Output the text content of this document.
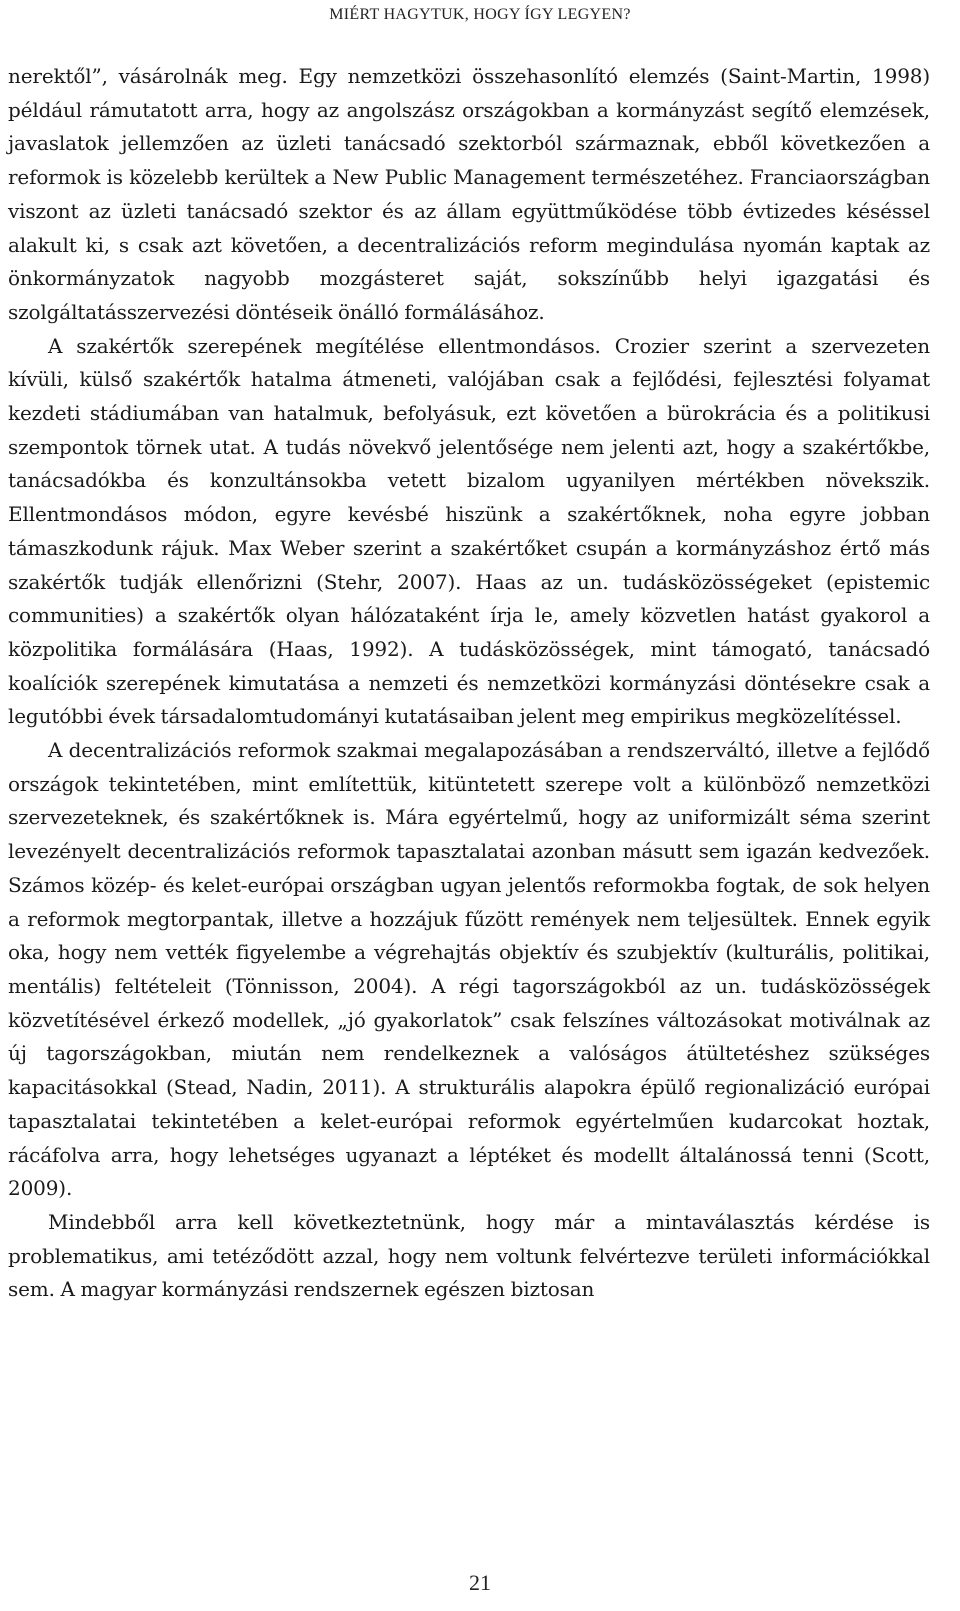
MIÉRT HAGYTUK, HOGY ÍGY LEGYEN?

nerektől”, vásárolnák meg. Egy nemzetközi összehasonlító elemzés (Saint-Martin, 1998) például rámutatott arra, hogy az angolszász országokban a kormányzást segítő elemzések, javaslatok jellemzően az üzleti tanácsadó szektorból származnak, ebből következően a reformok is közelebb kerültek a New Public Management természetéhez. Franciaországban viszont az üzleti tanácsadó szektor és az állam együttműködése több évtizedes késéssel alakult ki, s csak azt követően, a decentralizációs reform megindulása nyomán kaptak az önkormányzatok nagyobb mozgásteret saját, sokszínűbb helyi igazgatási és szolgáltatásszervezési döntéseik önálló formálásához.

A szakértők szerepének megítélése ellentmondásos. Crozier szerint a szervezeten kívüli, külső szakértők hatalma átmeneti, valójában csak a fejlődési, fejlesztési folyamat kezdeti stádiumában van hatalmuk, befolyásuk, ezt követően a bürokrácia és a politikusi szempontok törnek utat. A tudás növekvő jelentősége nem jelenti azt, hogy a szakértőkbe, tanácsadókba és konzultánsokba vetett bizalom ugyanilyen mértékben növekszik. Ellentmondásos módon, egyre kevésbé hiszünk a szakértőknek, noha egyre jobban támaszkodunk rájuk. Max Weber szerint a szakértőket csupán a kormányzáshoz értő más szakértők tudják ellenőrizni (Stehr, 2007). Haas az un. tudásközösségeket (epistemic communities) a szakértők olyan hálózataként írja le, amely közvetlen hatást gyakorol a közpolitika formálására (Haas, 1992). A tudásközösségek, mint támogató, tanácsadó koalíciók szerepének kimutatása a nemzeti és nemzetközi kormányzási döntésekre csak a legutóbbi évek társadalomtudományi kutatásaiban jelent meg empirikus megközelítéssel.

A decentralizációs reformok szakmai megalapozásában a rendszerváltó, illetve a fejlődő országok tekintetében, mint említettük, kitüntetett szerepe volt a különböző nemzetközi szervezeteknek, és szakértőknek is. Mára egyértelmű, hogy az uniformizált séma szerint levezényelt decentralizációs reformok tapasztalatai azonban másutt sem igazán kedvezőek. Számos közép- és kelet-európai országban ugyan jelentős reformokba fogtak, de sok helyen a reformok megtorpantak, illetve a hozzájuk fűzött remények nem teljesültek. Ennek egyik oka, hogy nem vették figyelembe a végrehajtás objektív és szubjektív (kulturális, politikai, mentális) feltételeit (Tönnisson, 2004). A régi tagországokból az un. tudásközösségek közvetítésével érkező modellek, „jó gyakorlatok” csak felszínes változásokat motiválnak az új tagországokban, miután nem rendelkeznek a valóságos átültetéshez szükséges kapacitásokkal (Stead, Nadin, 2011). A strukturális alapokra épülő regionalizáció európai tapasztalatai tekintetében a kelet-európai reformok egyértelműen kudarcokat hoztak, rácáfolva arra, hogy lehetséges ugyanazt a léptéket és modellt általánossá tenni (Scott, 2009).

Mindebből arra kell következtetnünk, hogy már a mintaválasztás kérdése is problematikus, ami tetéződött azzal, hogy nem voltunk felvértezve területi információkkal sem. A magyar kormányzási rendszernek egészen biztosan

21
